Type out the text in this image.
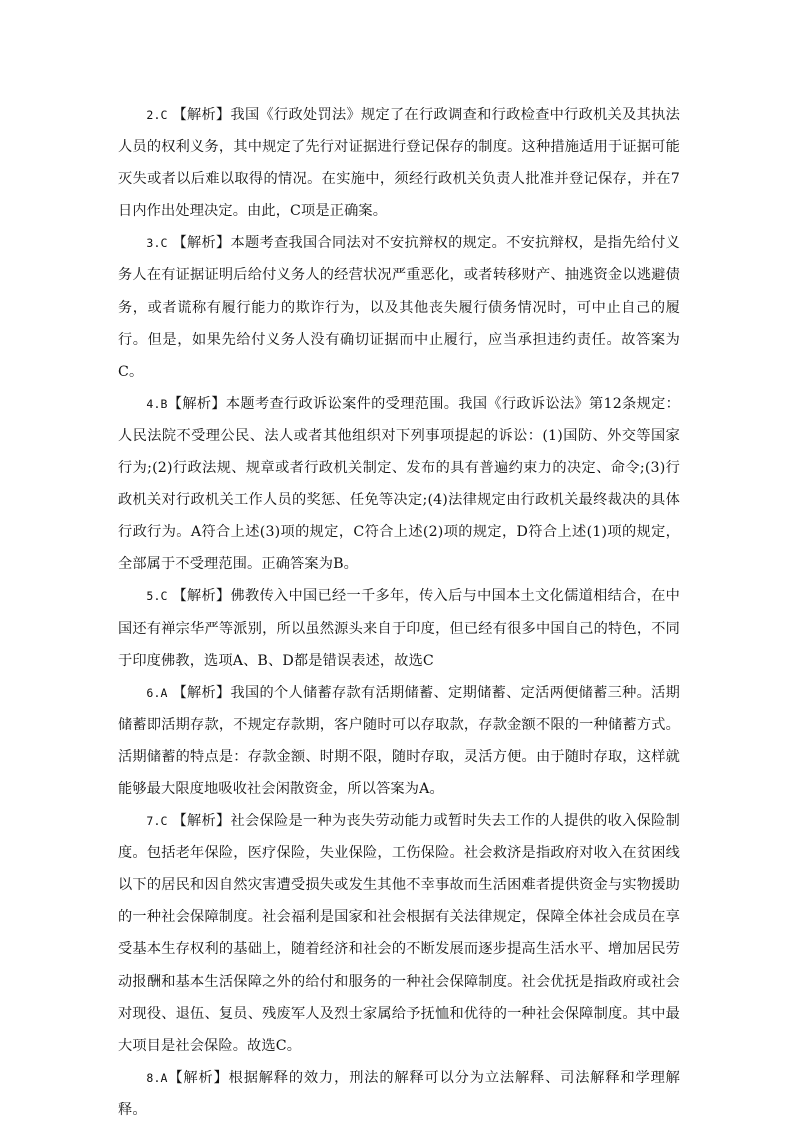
2.C 【解析】我国《行政处罚法》规定了在行政调查和行政检查中行政机关及其执法人员的权利义务，其中规定了先行对证据进行登记保存的制度。这种措施适用于证据可能灭失或者以后难以取得的情况。在实施中，须经行政机关负责人批准并登记保存，并在7日内作出处理决定。由此，C项是正确案。

3.C 【解析】本题考查我国合同法对不安抗辩权的规定。不安抗辩权，是指先给付义务人在有证据证明后给付义务人的经营状况严重恶化，或者转移财产、抽逃资金以逃避债务，或者谎称有履行能力的欺诈行为，以及其他丧失履行债务情况时，可中止自己的履行。但是，如果先给付义务人没有确切证据而中止履行，应当承担违约责任。故答案为C。

4.B【解析】本题考查行政诉讼案件的受理范围。我国《行政诉讼法》第12条规定：人民法院不受理公民、法人或者其他组织对下列事项提起的诉讼：(1)国防、外交等国家行为;(2)行政法规、规章或者行政机关制定、发布的具有普遍约束力的决定、命令;(3)行政机关对行政机关工作人员的奖惩、任免等决定;(4)法律规定由行政机关最终裁决的具体行政行为。A符合上述(3)项的规定，C符合上述(2)项的规定，D符合上述(1)项的规定，全部属于不受理范围。正确答案为B。

5.C 【解析】佛教传入中国已经一千多年，传入后与中国本土文化儒道相结合，在中国还有禅宗华严等派别，所以虽然源头来自于印度，但已经有很多中国自己的特色，不同于印度佛教，选项A、B、D都是错误表述，故选C

6.A 【解析】我国的个人储蓄存款有活期储蓄、定期储蓄、定活两便储蓄三种。活期储蓄即活期存款，不规定存款期，客户随时可以存取款，存款金额不限的一种储蓄方式。活期储蓄的特点是：存款金额、时期不限，随时存取，灵活方便。由于随时存取，这样就能够最大限度地吸收社会闲散资金，所以答案为A。

7.C 【解析】社会保险是一种为丧失劳动能力或暂时失去工作的人提供的收入保险制度。包括老年保险，医疗保险，失业保险，工伤保险。社会救济是指政府对收入在贫困线以下的居民和因自然灾害遭受损失或发生其他不幸事故而生活困难者提供资金与实物援助的一种社会保障制度。社会福利是国家和社会根据有关法律规定，保障全体社会成员在享受基本生存权利的基础上，随着经济和社会的不断发展而逐步提高生活水平、增加居民劳动报酬和基本生活保障之外的给付和服务的一种社会保障制度。社会优抚是指政府或社会对现役、退伍、复员、残废军人及烈士家属给予抚恤和优待的一种社会保障制度。其中最大项目是社会保险。故选C。

8.A【解析】根据解释的效力，刑法的解释可以分为立法解释、司法解释和学理解释。
